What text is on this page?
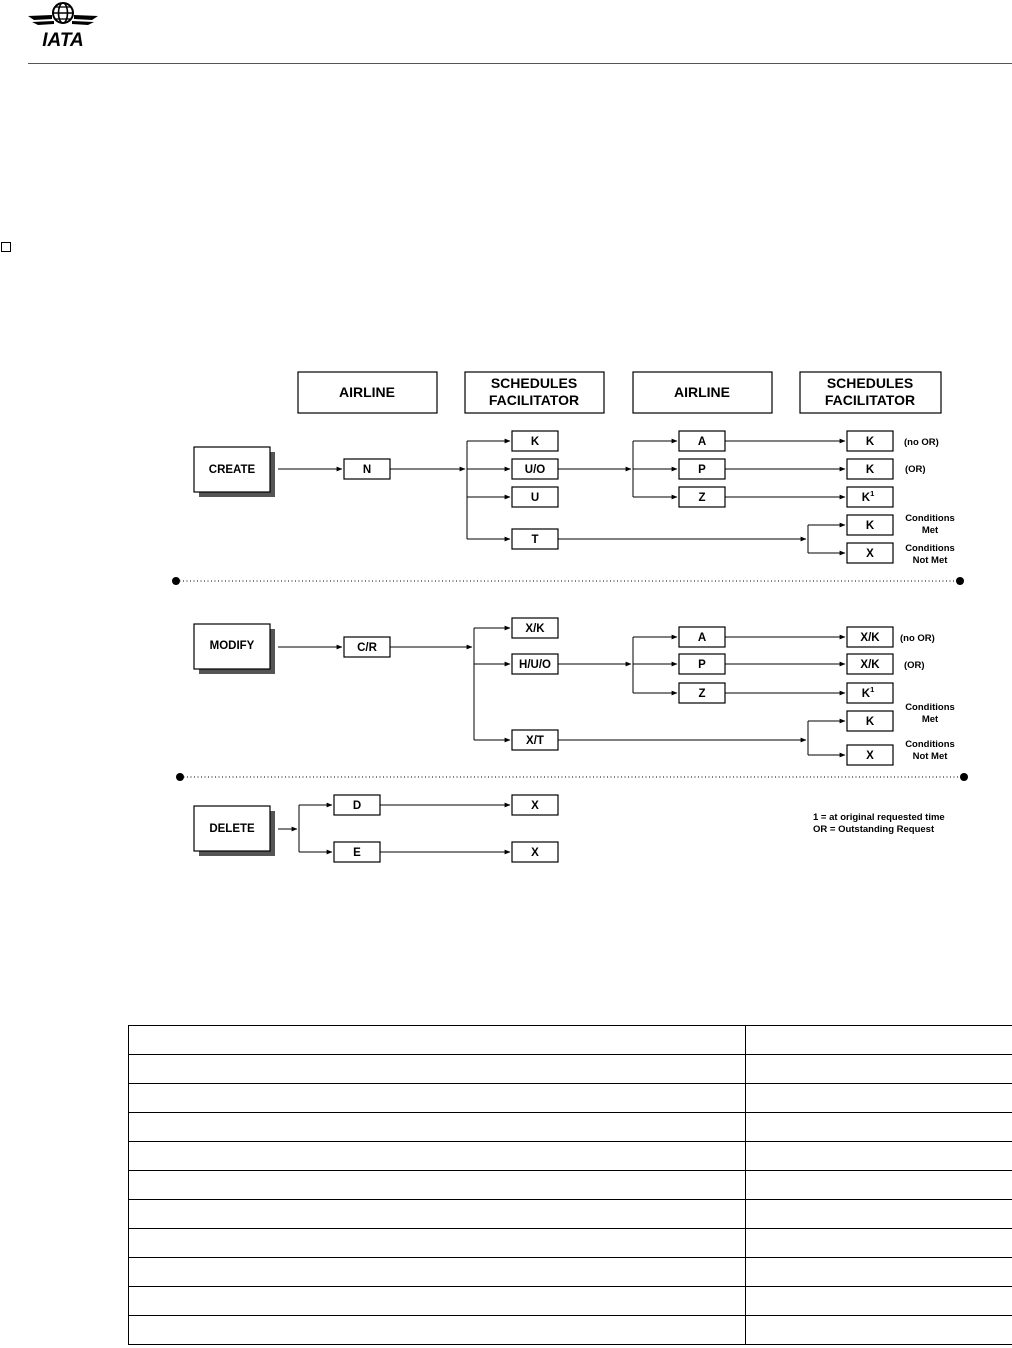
IATA
AIRLINE
SCHEDULES
FACILITATOR	AIRLINE
SCHEDULES
FACILITATOR
CREATE	N
K
U/O
U
T
A
P
Z
K
K
$K^1$
K
X
(no OR)
(OR)
Conditions
Met
Conditions
Not Met
MODIFY	C/R
X/K
H/U/O
X/T
A
P
Z
X/K
X/K
$K^1$
K
X
(no OR)
(OR)
Conditions
Met
Conditions
Not Met
DELETE
D
E
X
X
1 = at original requested time
OR = Outstanding Request
